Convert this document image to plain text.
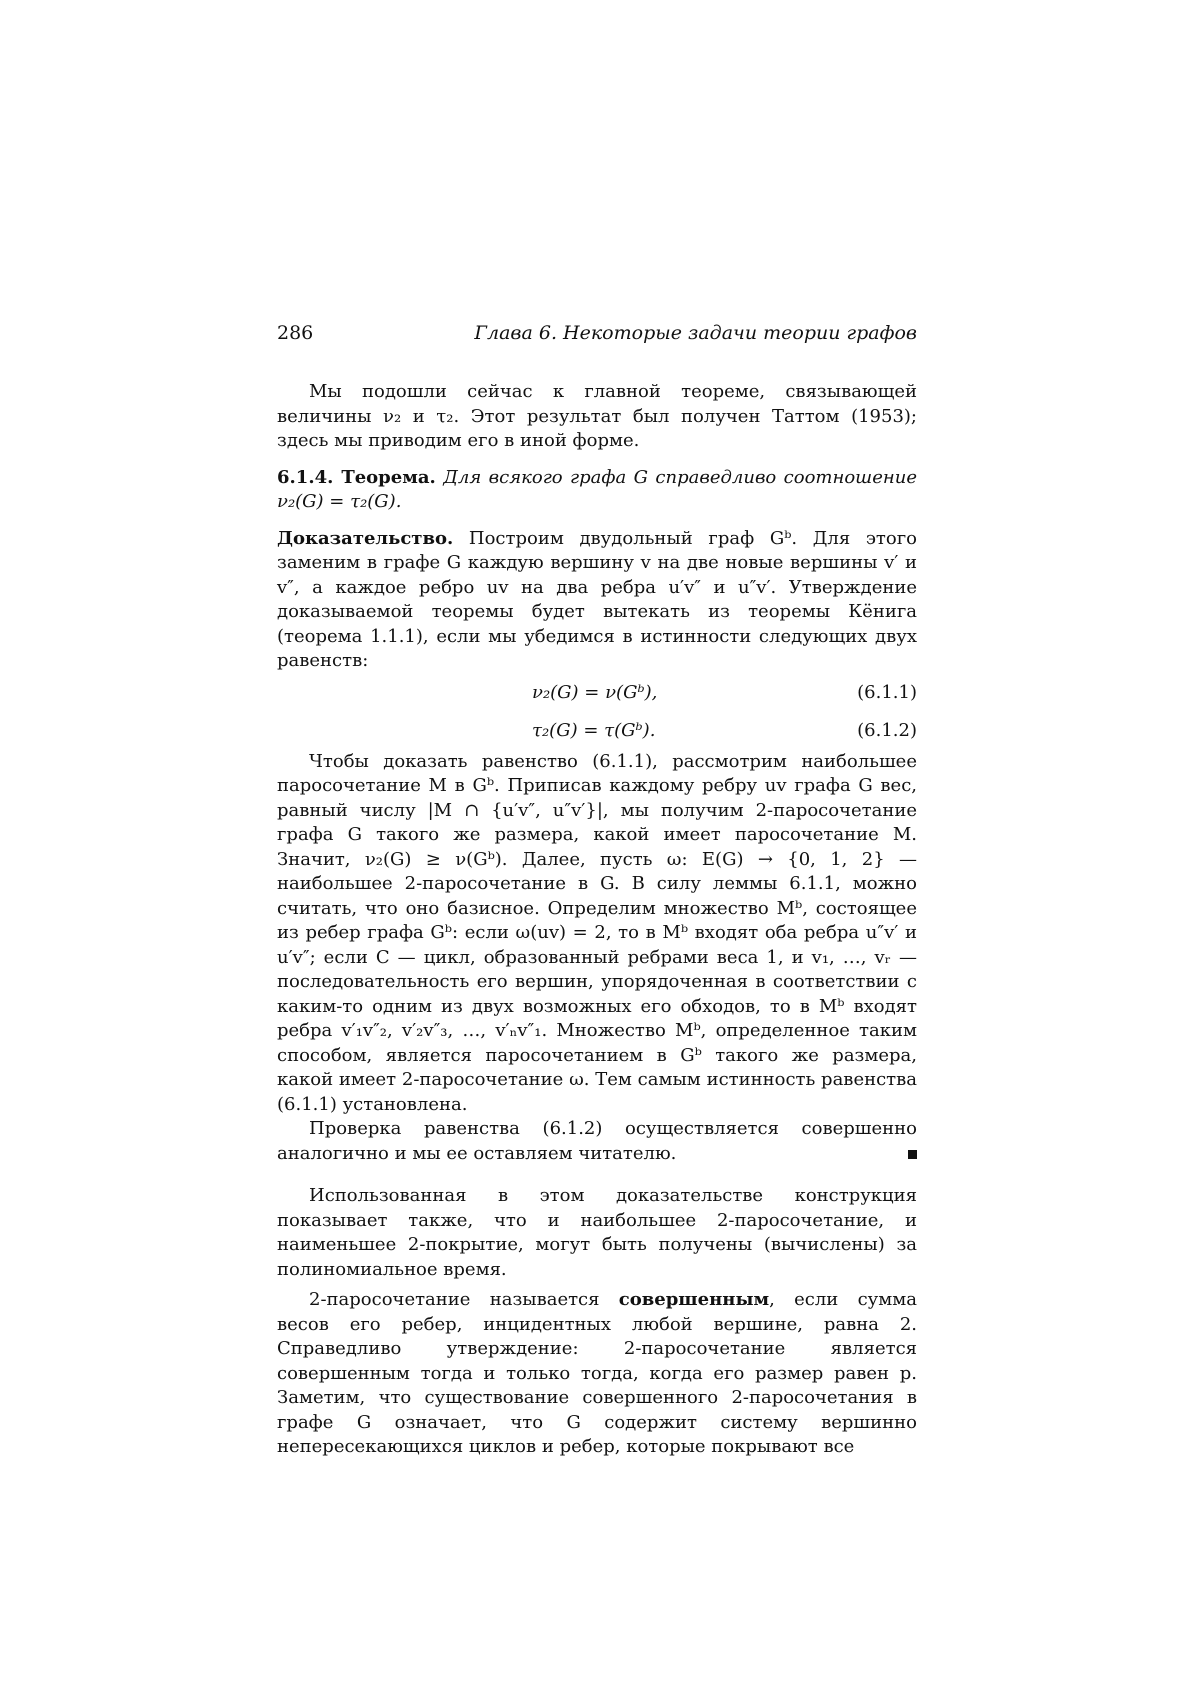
286	Глава 6. Некоторые задачи теории графов

Мы подошли сейчас к главной теореме, связывающей величины ν₂ и τ₂. Этот результат был получен Таттом (1953); здесь мы приводим его в иной форме.

6.1.4. Теорема. Для всякого графа G справедливо соотношение ν₂(G) = τ₂(G).

Доказательство. Построим двудольный граф Gᵇ. Для этого заменим в графе G каждую вершину v на две новые вершины v′ и v″, а каждое ребро uv на два ребра u′v″ и u″v′. Утверждение доказываемой теоремы будет вытекать из теоремы Кёнига (теорема 1.1.1), если мы убедимся в истинности следующих двух равенств:

ν₂(G) = ν(Gᵇ),	(6.1.1)
τ₂(G) = τ(Gᵇ).	(6.1.2)

Чтобы доказать равенство (6.1.1), рассмотрим наибольшее паросочетание M в Gᵇ. Приписав каждому ребру uv графа G вес, равный числу |M ∩ {u′v″, u″v′}|, мы получим 2-паросочетание графа G такого же размера, какой имеет паросочетание M. Значит, ν₂(G) ≥ ν(Gᵇ). Далее, пусть ω: E(G) → {0, 1, 2} — наибольшее 2-паросочетание в G. В силу леммы 6.1.1, можно считать, что оно базисное. Определим множество Mᵇ, состоящее из ребер графа Gᵇ: если ω(uv) = 2, то в Mᵇ входят оба ребра u″v′ и u′v″; если C — цикл, образованный ребрами веса 1, и v₁, …, vᵣ — последовательность его вершин, упорядоченная в соответствии с каким-то одним из двух возможных его обходов, то в Mᵇ входят ребра v′₁v″₂, v′₂v″₃, …, v′ₙv″₁. Множество Mᵇ, определенное таким способом, является паросочетанием в Gᵇ такого же размера, какой имеет 2-паросочетание ω. Тем самым истинность равенства (6.1.1) установлена.

Проверка равенства (6.1.2) осуществляется совершенно аналогично и мы ее оставляем читателю.

Использованная в этом доказательстве конструкция показывает также, что и наибольшее 2-паросочетание, и наименьшее 2-покрытие, могут быть получены (вычислены) за полиномиальное время.

2-паросочетание называется совершенным, если сумма весов его ребер, инцидентных любой вершине, равна 2. Справедливо утверждение: 2-паросочетание является совершенным тогда и только тогда, когда его размер равен p. Заметим, что существование совершенного 2-паросочетания в графе G означает, что G содержит систему вершинно непересекающихся циклов и ребер, которые покрывают все
